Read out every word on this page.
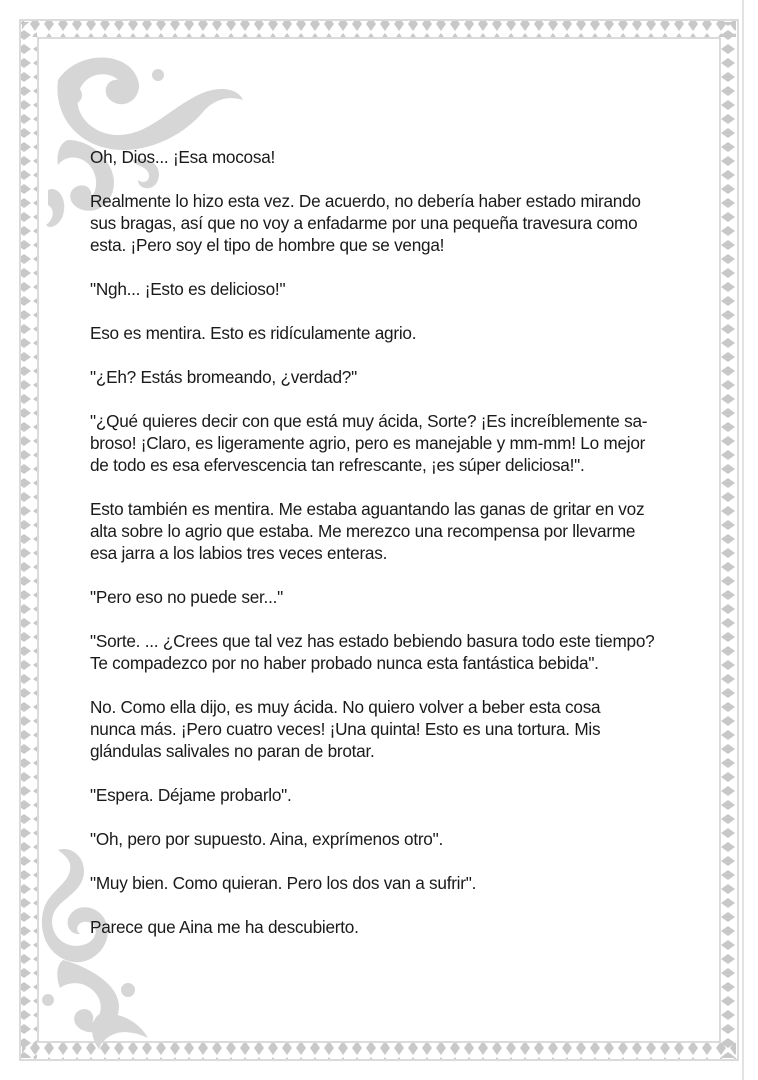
Oh, Dios... ¡Esa mocosa!

Realmente lo hizo esta vez. De acuerdo, no debería haber estado mirando
sus bragas, así que no voy a enfadarme por una pequeña travesura como
esta. ¡Pero soy el tipo de hombre que se venga!

"Ngh... ¡Esto es delicioso!"

Eso es mentira. Esto es ridículamente agrio.

"¿Eh? Estás bromeando, ¿verdad?"

"¿Qué quieres decir con que está muy ácida, Sorte? ¡Es increíblemente sa-
broso! ¡Claro, es ligeramente agrio, pero es manejable y mm-mm! Lo mejor
de todo es esa efervescencia tan refrescante, ¡es súper deliciosa!".

Esto también es mentira. Me estaba aguantando las ganas de gritar en voz
alta sobre lo agrio que estaba. Me merezco una recompensa por llevarme
esa jarra a los labios tres veces enteras.

"Pero eso no puede ser..."

"Sorte. ... ¿Crees que tal vez has estado bebiendo basura todo este tiempo?
Te compadezco por no haber probado nunca esta fantástica bebida".

No. Como ella dijo, es muy ácida. No quiero volver a beber esta cosa
nunca más. ¡Pero cuatro veces! ¡Una quinta! Esto es una tortura. Mis
glándulas salivales no paran de brotar.

"Espera. Déjame probarlo".

"Oh, pero por supuesto. Aina, exprímenos otro".

"Muy bien. Como quieran. Pero los dos van a sufrir".

Parece que Aina me ha descubierto.
